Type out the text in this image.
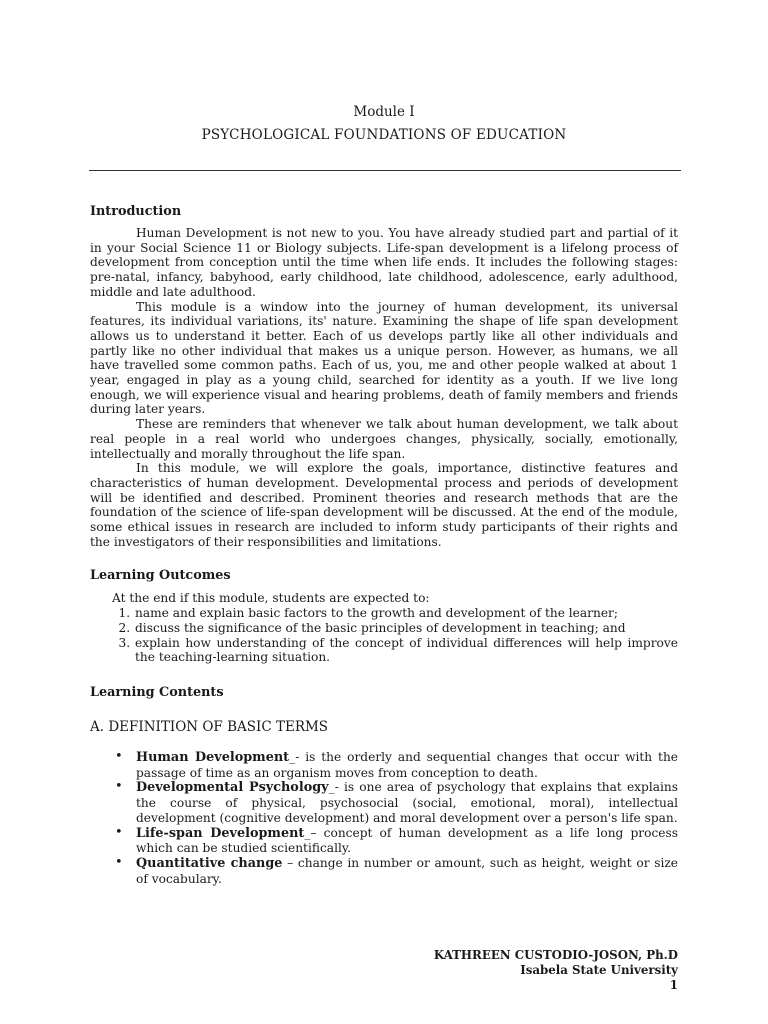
Module I
PSYCHOLOGICAL FOUNDATIONS OF EDUCATION
Introduction

Human Development is not new to you. You have already studied part and partial of it in your Social Science 11 or Biology subjects. Life-span development is a lifelong process of development from conception until the time when life ends. It includes the following stages: pre-natal, infancy, babyhood, early childhood, late childhood, adolescence, early adulthood, middle and late adulthood.

This module is a window into the journey of human development, its universal features, its individual variations, its' nature. Examining the shape of life span development allows us to understand it better. Each of us develops partly like all other individuals and partly like no other individual that makes us a unique person. However, as humans, we all have travelled some common paths. Each of us, you, me and other people walked at about 1 year, engaged in play as a young child, searched for identity as a youth. If we live long enough, we will experience visual and hearing problems, death of family members and friends during later years.

These are reminders that whenever we talk about human development, we talk about real people in a real world who undergoes changes, physically, socially, emotionally, intellectually and morally throughout the life span.

In this module, we will explore the goals, importance, distinctive features and characteristics of human development. Developmental process and periods of development will be identified and described. Prominent theories and research methods that are the foundation of the science of life-span development will be discussed. At the end of the module, some ethical issues in research are included to inform study participants of their rights and the investigators of their responsibilities and limitations.

Learning Outcomes

At the end if this module, students are expected to:

1. name and explain basic factors to the growth and development of the learner;
2. discuss the significance of the basic principles of development in teaching; and
3. explain how understanding of the concept of individual differences will help improve the teaching-learning situation.
Learning Contents
A. DEFINITION OF BASIC TERMS
• Human Development_- is the orderly and sequential changes that occur with the passage of time as an organism moves from conception to death.
• Developmental Psychology_- is one area of psychology that explains that explains the course of physical, psychosocial (social, emotional, moral), intellectual development (cognitive development) and moral development over a person's life span.
• Life-span Development_– concept of human development as a life long process which can be studied scientifically.
• Quantitative change – change in number or amount, such as height, weight or size of vocabulary.
KATHREEN CUSTODIO-JOSON, Ph.D
Isabela State University
1
